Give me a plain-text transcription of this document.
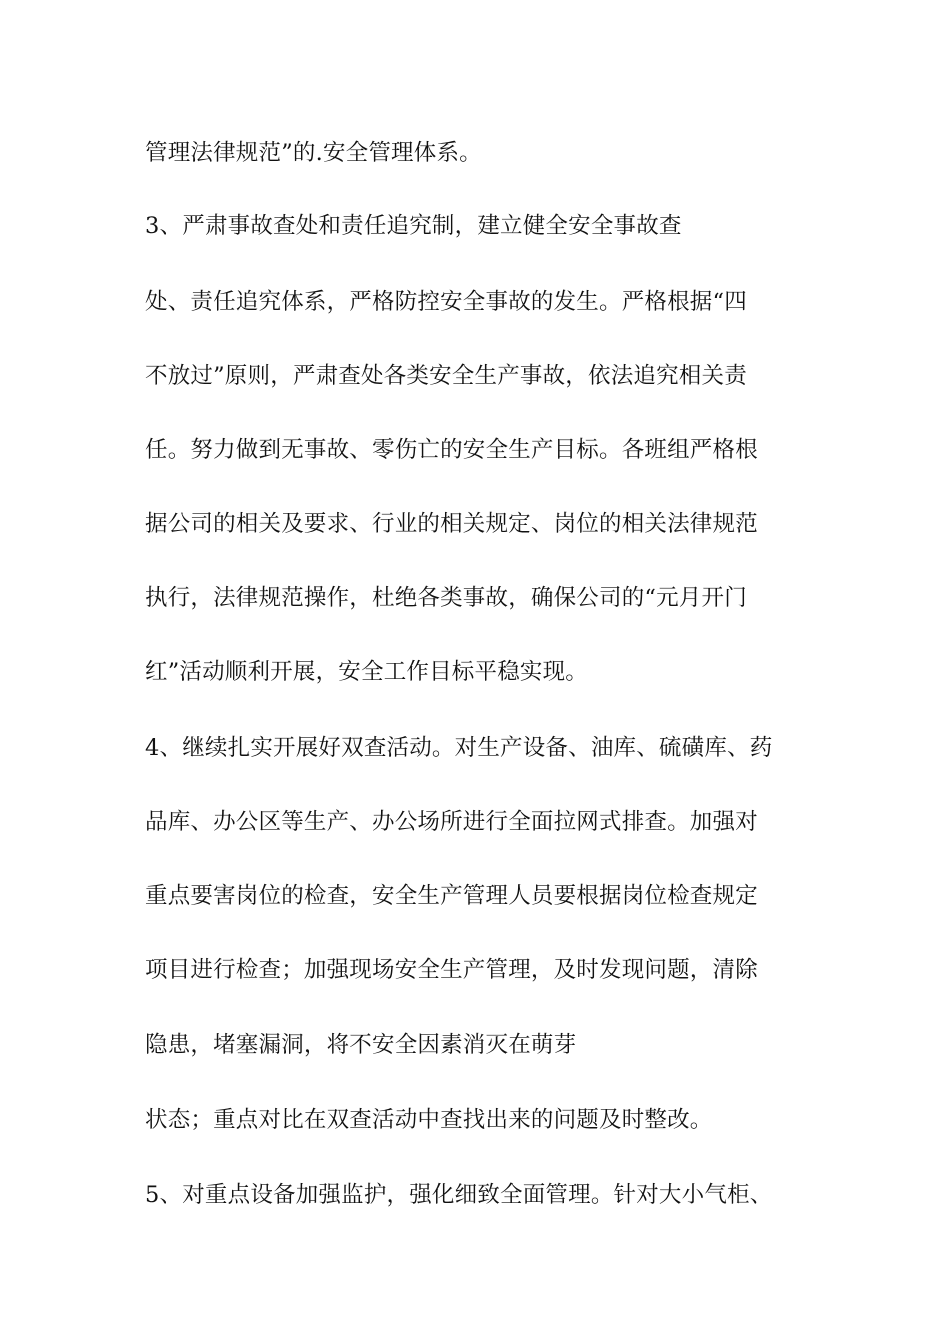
管理法律规范”的.安全管理体系。
3、严肃事故查处和责任追究制，建立健全安全事故查
处、责任追究体系，严格防控安全事故的发生。严格根据“四
不放过”原则，严肃查处各类安全生产事故，依法追究相关责
任。努力做到无事故、零伤亡的安全生产目标。各班组严格根
据公司的相关及要求、行业的相关规定、岗位的相关法律规范
执行，法律规范操作，杜绝各类事故，确保公司的“元月开门
红”活动顺利开展，安全工作目标平稳实现。
4、继续扎实开展好双查活动。对生产设备、油库、硫磺库、药
品库、办公区等生产、办公场所进行全面拉网式排查。加强对
重点要害岗位的检查，安全生产管理人员要根据岗位检查规定
项目进行检查；加强现场安全生产管理，及时发现问题，清除
隐患，堵塞漏洞，将不安全因素消灭在萌芽
状态；重点对比在双查活动中查找出来的问题及时整改。
5、对重点设备加强监护，强化细致全面管理。针对大小气柜、
